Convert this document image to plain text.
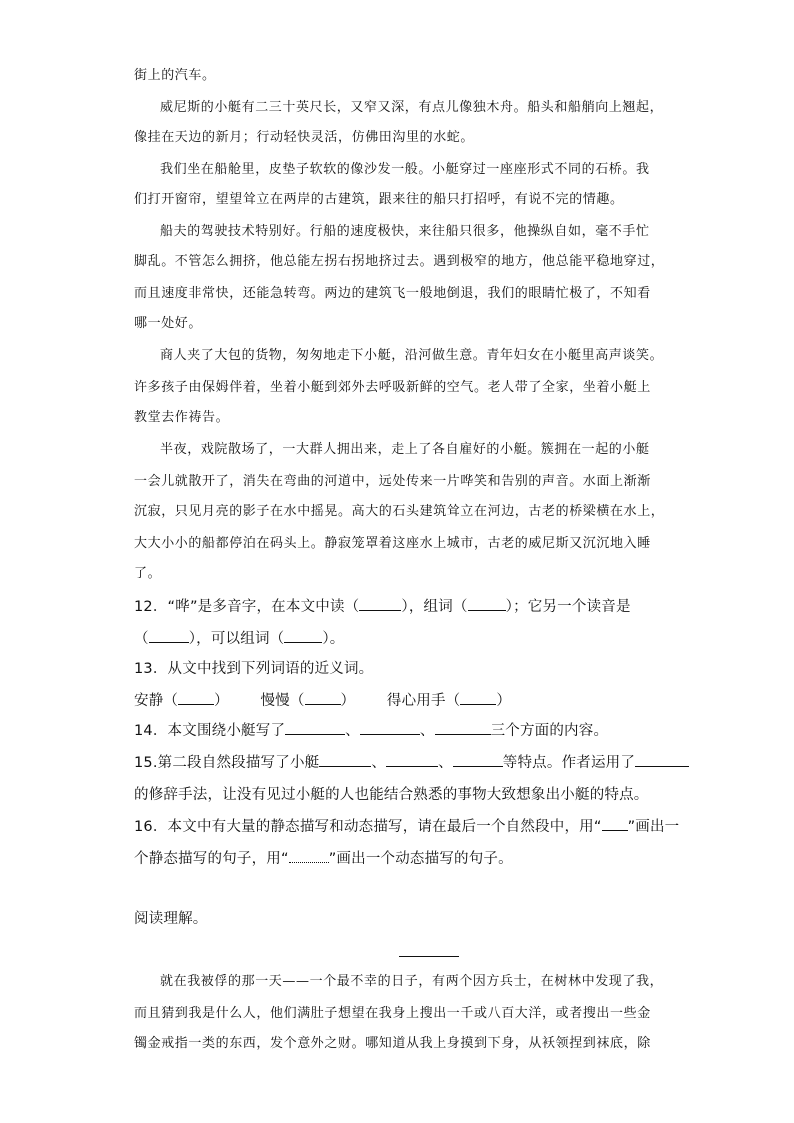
街上的汽车。

威尼斯的小艇有二三十英尺长，又窄又深，有点儿像独木舟。船头和船艄向上翘起，

像挂在天边的新月；行动轻快灵活，仿佛田沟里的水蛇。

我们坐在船舱里，皮垫子软软的像沙发一般。小艇穿过一座座形式不同的石桥。我

们打开窗帘，望望耸立在两岸的古建筑，跟来往的船只打招呼，有说不完的情趣。

船夫的驾驶技术特别好。行船的速度极快，来往船只很多，他操纵自如，毫不手忙

脚乱。不管怎么拥挤，他总能左拐右拐地挤过去。遇到极窄的地方，他总能平稳地穿过，

而且速度非常快，还能急转弯。两边的建筑飞一般地倒退，我们的眼睛忙极了，不知看

哪一处好。

商人夹了大包的货物，匆匆地走下小艇，沿河做生意。青年妇女在小艇里高声谈笑。

许多孩子由保姆伴着，坐着小艇到郊外去呼吸新鲜的空气。老人带了全家，坐着小艇上

教堂去作祷告。

半夜，戏院散场了，一大群人拥出来，走上了各自雇好的小艇。簇拥在一起的小艇

一会儿就散开了，消失在弯曲的河道中，远处传来一片哗笑和告别的声音。水面上渐渐

沉寂，只见月亮的影子在水中摇晃。高大的石头建筑耸立在河边，古老的桥梁横在水上，

大大小小的船都停泊在码头上。静寂笼罩着这座水上城市，古老的威尼斯又沉沉地入睡

了。

12．“哗”是多音字，在本文中读（	），组词（	）；它另一个读音是
（	），可以组词（	）。
13．从文中找到下列词语的近义词。
安静（ ） 慢慢（ ） 得心用手（ ）
14．本文围绕小艇写了	、	、	三个方面的内容。
15.第二段自然段描写了小艇	、	、	等特点。作者运用了
的修辞手法，让没有见过小艇的人也能结合熟悉的事物大致想象出小艇的特点。
16．本文中有大量的静态描写和动态描写，请在最后一个自然段中，用“ ”画出一
个静态描写的句子，用“	”画出一个动态描写的句子。
阅读理解。

就在我被俘的那一天——一个最不幸的日子，有两个因方兵士，在树林中发现了我，

而且猜到我是什么人，他们满肚子想望在我身上搜出一千或八百大洋，或者搜出一些金

镯金戒指一类的东西，发个意外之财。哪知道从我上身摸到下身，从袄领捏到袜底，除
